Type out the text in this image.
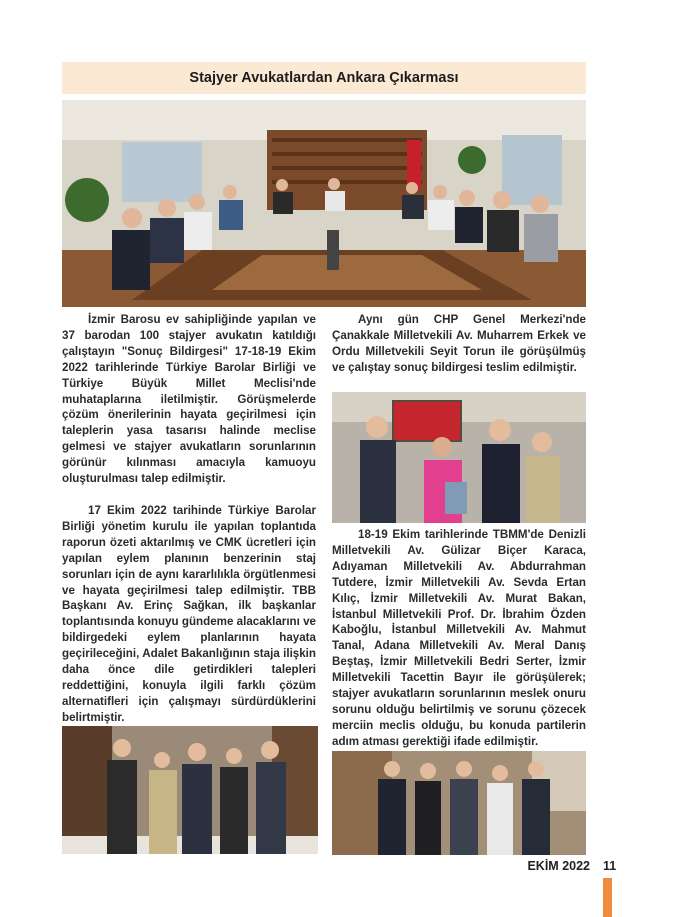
Stajyer Avukatlardan Ankara Çıkarması

İzmir Barosu ev sahipliğinde yapılan ve 37 barodan 100 stajyer avukatın katıldığı çalıştayın "Sonuç Bildirgesi" 17-18-19 Ekim 2022 tarihlerinde Türkiye Barolar Birliği ve Türkiye Büyük Millet Meclisi'nde muhataplarına iletilmiştir. Görüşmelerde çözüm önerilerinin hayata geçirilmesi için taleplerin yasa tasarısı halinde meclise gelmesi ve stajyer avukatların sorunlarının görünür kılınması amacıyla kamuoyu oluşturulması talep edilmiştir.

17 Ekim 2022 tarihinde Türkiye Barolar Birliği yönetim kurulu ile yapılan toplantıda raporun özeti aktarılmış ve CMK ücretleri için yapılan eylem planının benzerinin staj sorunları için de aynı kararlılıkla örgütlenmesi ve hayata geçirilmesi talep edilmiştir. TBB Başkanı Av. Erinç Sağkan, ilk başkanlar toplantısında konuyu gündeme alacaklarını ve bildirgedeki eylem planlarının hayata geçirileceğini, Adalet Bakanlığının staja ilişkin daha önce dile getirdikleri talepleri reddettiğini, konuyla ilgili farklı çözüm alternatifleri için çalışmayı sürdürdüklerini belirtmiştir.

Aynı gün CHP Genel Merkezi'nde Çanakkale Milletvekili Av. Muharrem Erkek ve Ordu Milletvekili Seyit Torun ile görüşülmüş ve çalıştay sonuç bildirgesi teslim edilmiştir.

18-19 Ekim tarihlerinde TBMM'de Denizli Milletvekili Av. Gülizar Biçer Karaca, Adıyaman Milletvekili Av. Abdurrahman Tutdere, İzmir Milletvekili Av. Sevda Ertan Kılıç, İzmir Milletvekili Av. Murat Bakan, İstanbul Milletvekili Prof. Dr. İbrahim Özden Kaboğlu, İstanbul Milletvekili Av. Mahmut Tanal, Adana Milletvekili Av. Meral Danış Beştaş, İzmir Milletvekili Bedri Serter, İzmir Milletvekili Tacettin Bayır ile görüşülerek; stajyer avukatların sorunlarının meslek onuru sorunu olduğu belirtilmiş ve sorunu çözecek merciin meclis olduğu, bu konuda partilerin adım atması gerektiği ifade edilmiştir.

EKİM 2022 11
